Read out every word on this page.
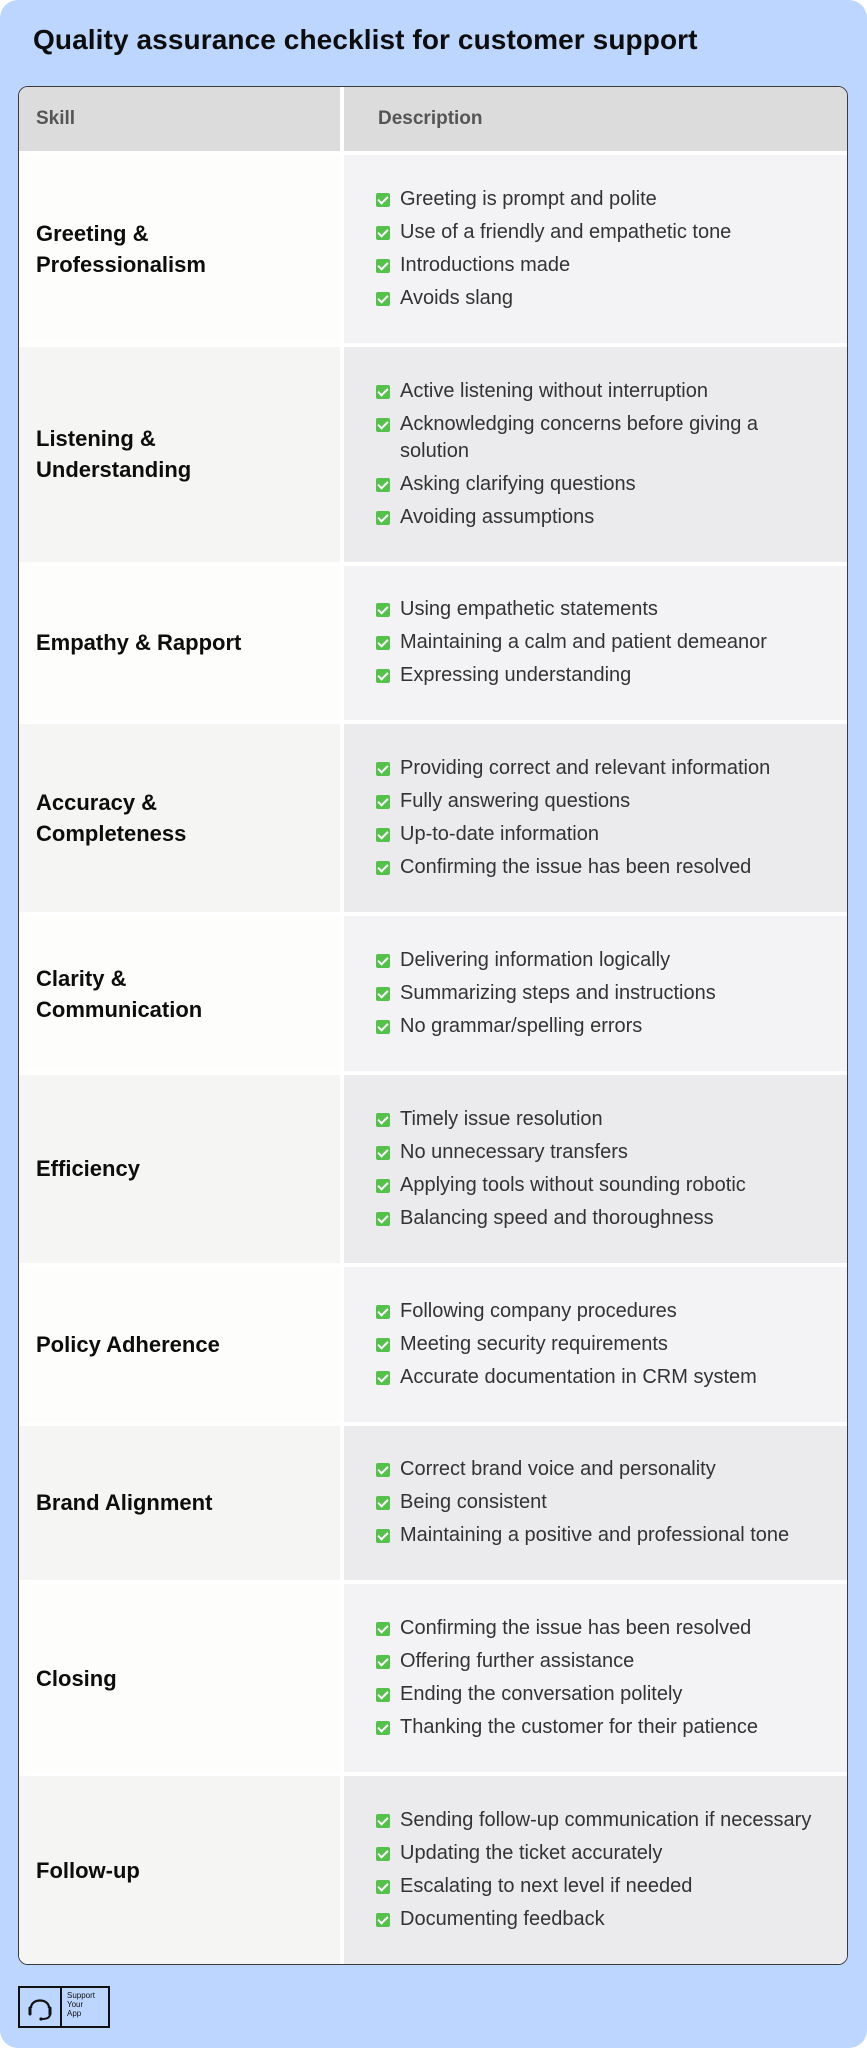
Quality assurance checklist for customer support
Skill	Description
Greeting &
Professionalism
Greeting is prompt and polite
Use of a friendly and empathetic tone
Introductions made
Avoids slang
Listening &
Understanding
Active listening without interruption
Acknowledging concerns before giving a solution
Asking clarifying questions
Avoiding assumptions
Empathy & Rapport
Using empathetic statements
Maintaining a calm and patient demeanor
Expressing understanding
Accuracy &
Completeness
Providing correct and relevant information
Fully answering questions
Up-to-date information
Confirming the issue has been resolved
Clarity &
Communication
Delivering information logically
Summarizing steps and instructions
No grammar/spelling errors
Efficiency
Timely issue resolution
No unnecessary transfers
Applying tools without sounding robotic
Balancing speed and thoroughness
Policy Adherence
Following company procedures
Meeting security requirements
Accurate documentation in CRM system
Brand Alignment
Correct brand voice and personality
Being consistent
Maintaining a positive and professional tone
Closing
Confirming the issue has been resolved
Offering further assistance
Ending the conversation politely
Thanking the customer for their patience
Follow-up
Sending follow-up communication if necessary
Updating the ticket accurately
Escalating to next level if needed
Documenting feedback
Support
Your
App
